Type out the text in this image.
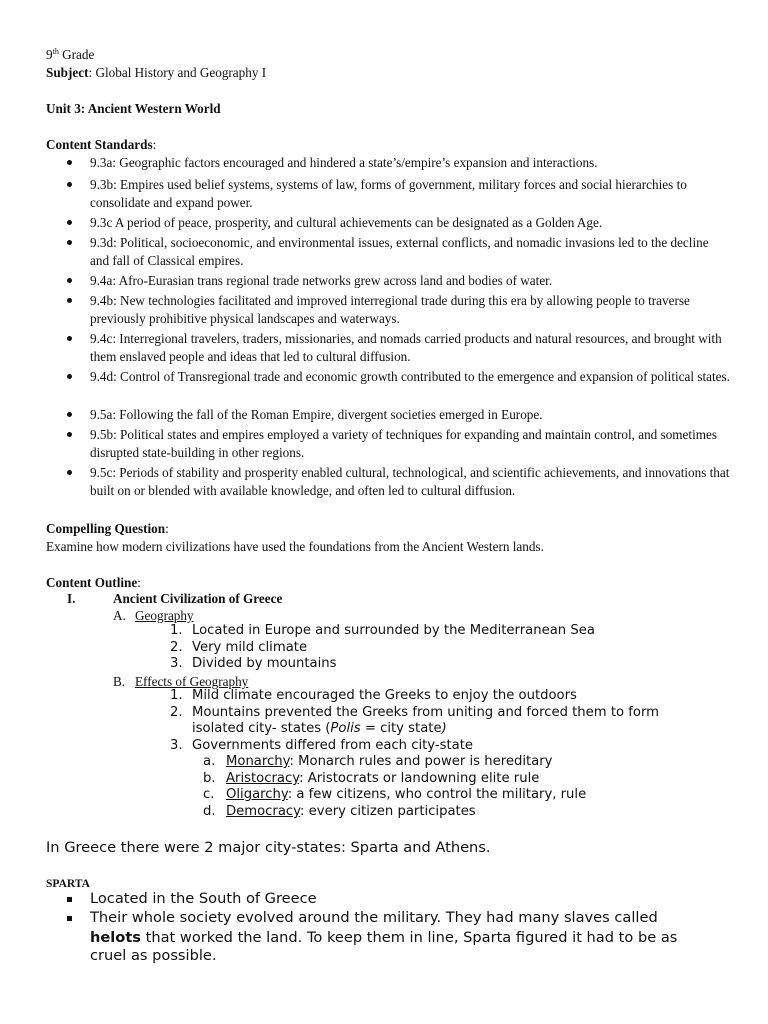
9th Grade
Subject: Global History and Geography I
Unit 3: Ancient Western World
Content Standards:
9.3a: Geographic factors encouraged and hindered a state’s/empire’s expansion and interactions.
9.3b: Empires used belief systems, systems of law, forms of government, military forces and social hierarchies to consolidate and expand power.
9.3c A period of peace, prosperity, and cultural achievements can be designated as a Golden Age.
9.3d: Political, socioeconomic, and environmental issues, external conflicts, and nomadic invasions led to the decline and fall of Classical empires.
9.4a: Afro-Eurasian trans regional trade networks grew across land and bodies of water.
9.4b: New technologies facilitated and improved interregional trade during this era by allowing people to traverse previously prohibitive physical landscapes and waterways.
9.4c: Interregional travelers, traders, missionaries, and nomads carried products and natural resources, and brought with them enslaved people and ideas that led to cultural diffusion.
9.4d: Control of Transregional trade and economic growth contributed to the emergence and expansion of political states.
9.5a: Following the fall of the Roman Empire, divergent societies emerged in Europe.
9.5b: Political states and empires employed a variety of techniques for expanding and maintain control, and sometimes disrupted state-building in other regions.
9.5c: Periods of stability and prosperity enabled cultural, technological, and scientific achievements, and innovations that built on or blended with available knowledge, and often led to cultural diffusion.
Compelling Question:
Examine how modern civilizations have used the foundations from the Ancient Western lands.
Content Outline:
I.	Ancient Civilization of Greece
A. Geography
1. Located in Europe and surrounded by the Mediterranean Sea
2. Very mild climate
3. Divided by mountains
B. Effects of Geography
1. Mild climate encouraged the Greeks to enjoy the outdoors
2. Mountains prevented the Greeks from uniting and forced them to form
isolated city- states (Polis = city state)
3. Governments differed from each city-state
a. Monarchy: Monarch rules and power is hereditary
b. Aristocracy: Aristocrats or landowning elite rule
c. Oligarchy: a few citizens, who control the military, rule
d. Democracy: every citizen participates
In Greece there were 2 major city-states: Sparta and Athens.
SPARTA
Located in the South of Greece
Their whole society evolved around the military. They had many slaves called
helots that worked the land. To keep them in line, Sparta figured it had to be as
cruel as possible.
